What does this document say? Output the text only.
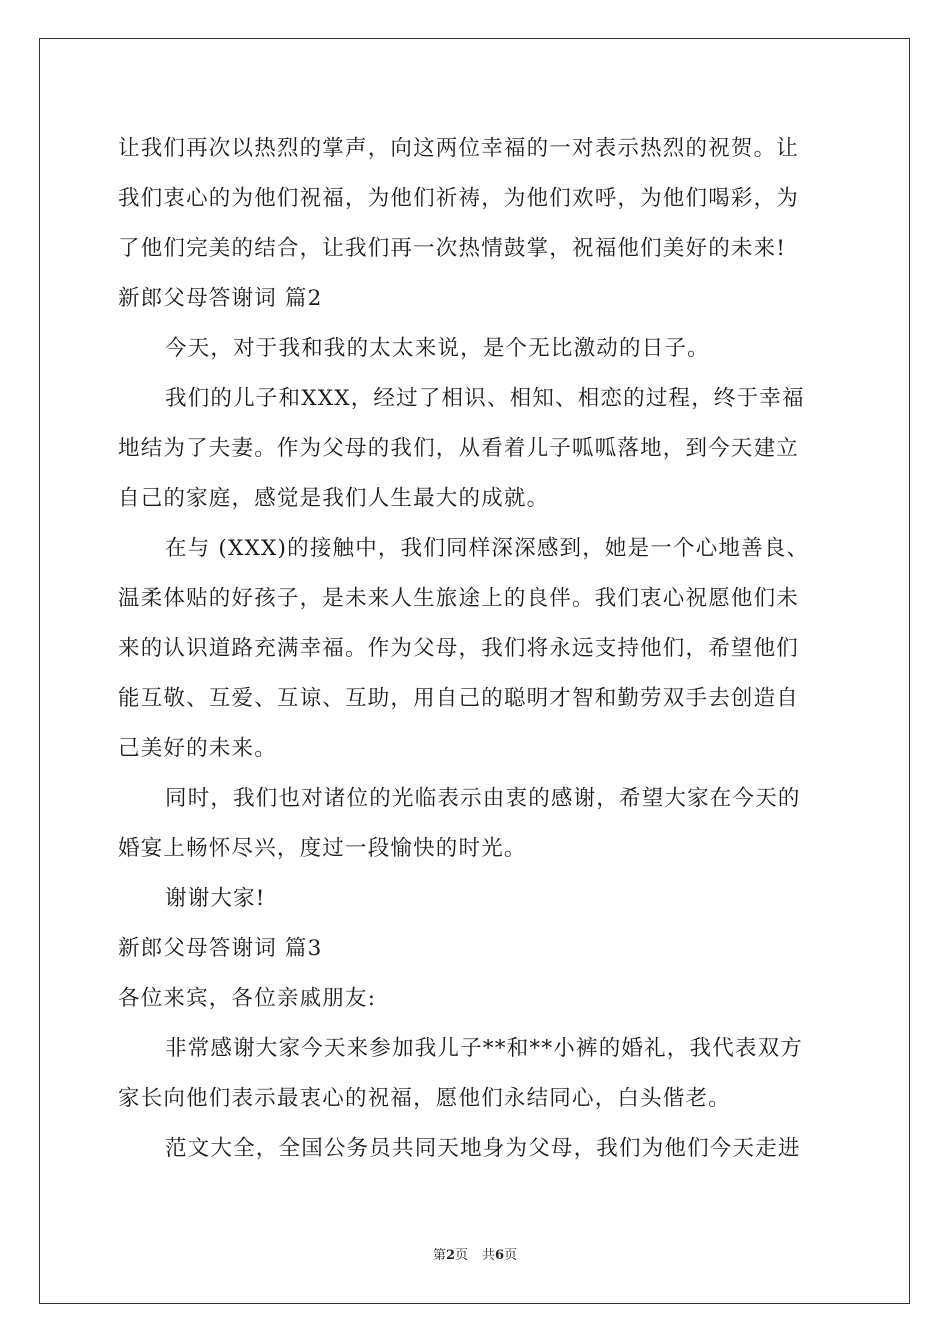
让我们再次以热烈的掌声，向这两位幸福的一对表示热烈的祝贺。让
我们衷心的为他们祝福，为他们祈祷，为他们欢呼，为他们喝彩，为
了他们完美的结合，让我们再一次热情鼓掌，祝福他们美好的未来!
新郎父母答谢词 篇2
今天，对于我和我的太太来说，是个无比激动的日子。
我们的儿子和XXX，经过了相识、相知、相恋的过程，终于幸福
地结为了夫妻。作为父母的我们，从看着儿子呱呱落地，到今天建立
自己的家庭，感觉是我们人生最大的成就。
在与 (XXX)的接触中，我们同样深深感到，她是一个心地善良、
温柔体贴的好孩子，是未来人生旅途上的良伴。我们衷心祝愿他们未
来的认识道路充满幸福。作为父母，我们将永远支持他们，希望他们
能互敬、互爱、互谅、互助，用自己的聪明才智和勤劳双手去创造自
己美好的未来。
同时，我们也对诸位的光临表示由衷的感谢，希望大家在今天的
婚宴上畅怀尽兴，度过一段愉快的时光。
谢谢大家!
新郎父母答谢词 篇3
各位来宾，各位亲戚朋友:
非常感谢大家今天来参加我儿子**和**小裤的婚礼，我代表双方
家长向他们表示最衷心的祝福，愿他们永结同心，白头偕老。
范文大全，全国公务员共同天地身为父母，我们为他们今天走进
第2页 共6页
